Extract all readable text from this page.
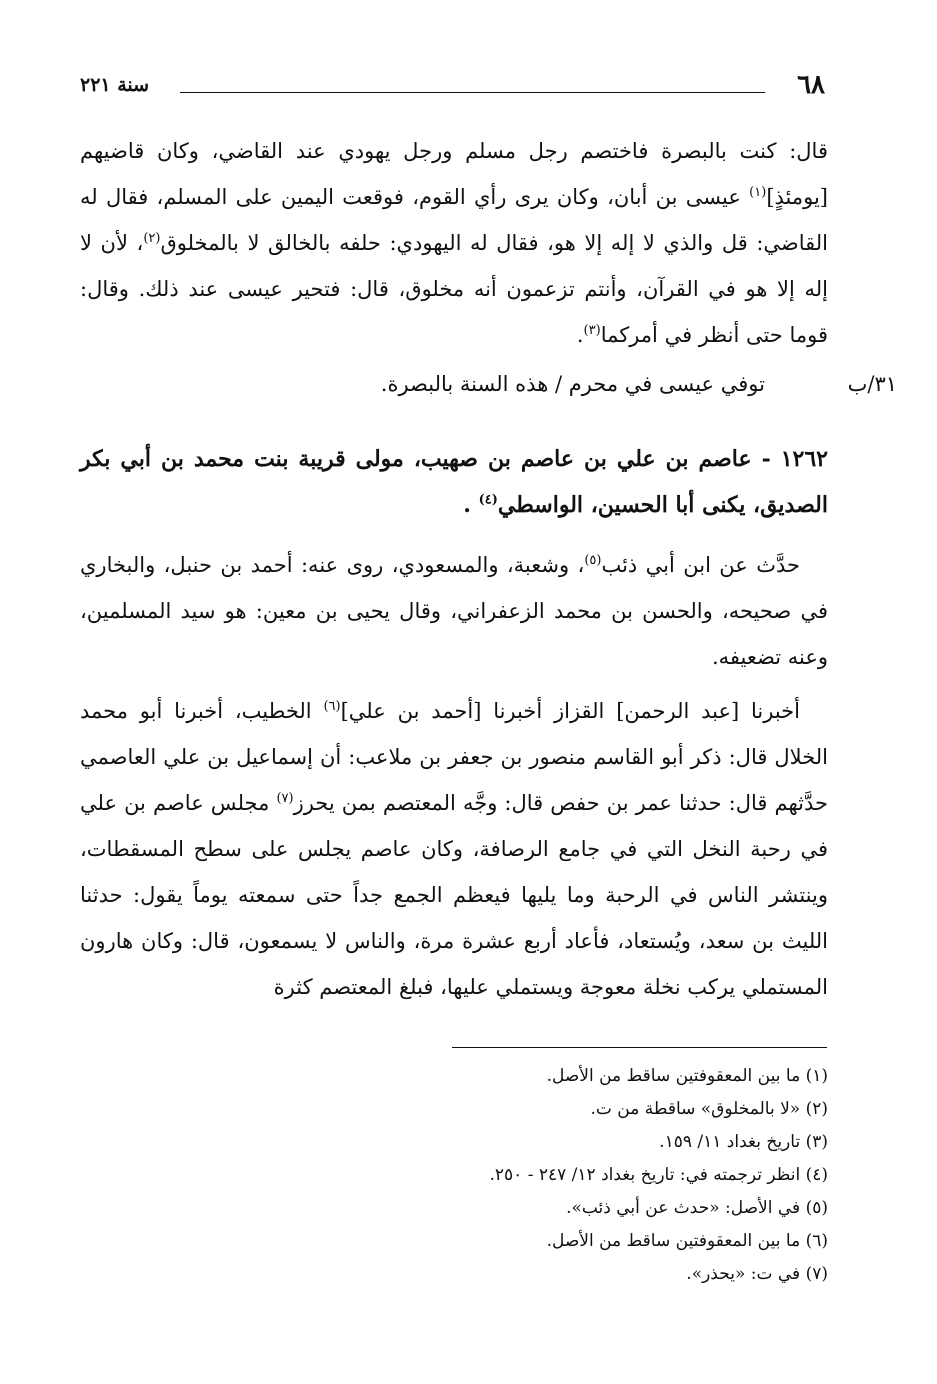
٦٨
سنة ٢٢١

قال: كنت بالبصرة فاختصم رجل مسلم ورجل يهودي عند القاضي، وكان قاضيهم [يومئذٍ]$^{(١)}$ عيسى بن أبان، وكان يرى رأي القوم، فوقعت اليمين على المسلم، فقال له القاضي: قل والذي لا إله إلا هو، فقال له اليهودي: حلفه بالخالق لا بالمخلوق$^{(٢)}$، لأن لا إله إلا هو في القرآن، وأنتم تزعمون أنه مخلوق، قال: فتحير عيسى عند ذلك. وقال: قوما حتى أنظر في أمركما$^{(٣)}$.

٣١/ب
توفي عيسى في محرم / هذه السنة بالبصرة.
١٢٦٢ - عاصم بن علي بن عاصم بن صهيب، مولى قريبة بنت محمد بن أبي بكر الصديق، يكنى أبا الحسين، الواسطي$^{(٤)}$ .

حدَّث عن ابن أبي ذئب$^{(٥)}$، وشعبة، والمسعودي، روى عنه: أحمد بن حنبل، والبخاري في صحيحه، والحسن بن محمد الزعفراني، وقال يحيى بن معين: هو سيد المسلمين، وعنه تضعيفه.

أخبرنا [عبد الرحمن] القزاز أخبرنا [أحمد بن علي]$^{(٦)}$ الخطيب، أخبرنا أبو محمد الخلال قال: ذكر أبو القاسم منصور بن جعفر بن ملاعب: أن إسماعيل بن علي العاصمي حدَّثهم قال: حدثنا عمر بن حفص قال: وجَّه المعتصم بمن يحرز$^{(٧)}$ مجلس عاصم بن علي في رحبة النخل التي في جامع الرصافة، وكان عاصم يجلس على سطح المسقطات، وينتشر الناس في الرحبة وما يليها فيعظم الجمع جداً حتى سمعته يوماً يقول: حدثنا الليث بن سعد، ويُستعاد، فأعاد أربع عشرة مرة، والناس لا يسمعون، قال: وكان هارون المستملي يركب نخلة معوجة ويستملي عليها، فبلغ المعتصم كثرة

(١) ما بين المعقوفتين ساقط من الأصل.
(٢) «لا بالمخلوق» ساقطة من ت.
(٣) تاريخ بغداد ١١/ ١٥٩.
(٤) انظر ترجمته في: تاريخ بغداد ١٢/ ٢٤٧ - ٢٥٠.
(٥) في الأصل: «حدث عن أبي ذئب».
(٦) ما بين المعقوفتين ساقط من الأصل.
(٧) في ت: «يحذر».
